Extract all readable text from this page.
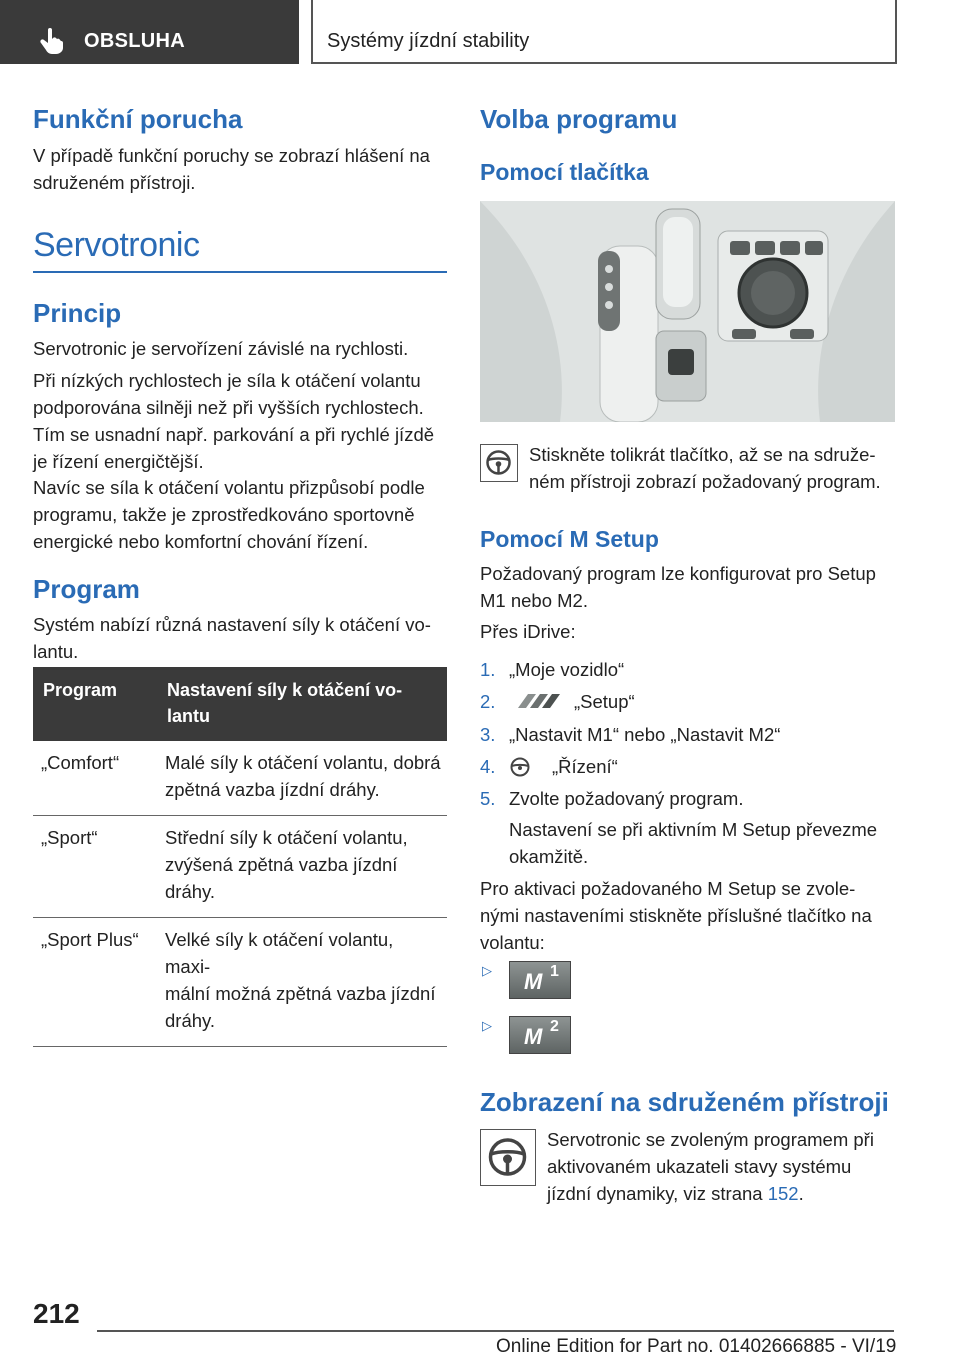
OBSLUHA	Systémy jízdní stability
Funkční porucha

V případě funkční poruchy se zobrazí hlášení na
sdruženém přístroji.

Servotronic
Princip

Servotronic je servořízení závislé na rychlosti.

Při nízkých rychlostech je síla k otáčení volantu
podporována silněji než při vyšších rychlostech.
Tím se usnadní např. parkování a při rychlé jízdě
je řízení energičtější.

Navíc se síla k otáčení volantu přizpůsobí podle
programu, takže je zprostředkováno sportovně
energické nebo komfortní chování řízení.

Program

Systém nabízí různá nastavení síly k otáčení vo-
lantu.

Program	Nastavení síly k otáčení vo-
lantu
„Comfort“	Malé síly k otáčení volantu, dobrá
zpětná vazba jízdní dráhy.
„Sport“	Střední síly k otáčení volantu,
zvýšená zpětná vazba jízdní
dráhy.
„Sport Plus“	Velké síly k otáčení volantu, maxi-
mální možná zpětná vazba jízdní
dráhy.
Volba programu
Pomocí tlačítka

Stiskněte tolikrát tlačítko, až se na sdruže-
ném přístroji zobrazí požadovaný program.

Pomocí M Setup

Požadovaný program lze konfigurovat pro Setup
M1 nebo M2.

Přes iDrive:

1. „Moje vozidlo“
2.	„Setup“
3. „Nastavit M1“ nebo „Nastavit M2“
4.	„Řízení“
5. Zvolte požadovaný program.

Nastavení se při aktivním M Setup převezme
okamžitě.

Pro aktivaci požadovaného M Setup se zvole-
nými nastaveními stiskněte příslušné tlačítko na
volantu:

▷ M 1
▷ M 2
Zobrazení na sdruženém přístroji

Servotronic se zvoleným programem při
aktivovaném ukazateli stavy systému
jízdní dynamiky, viz strana 152.

212
Online Edition for Part no. 01402666885 - VI/19
